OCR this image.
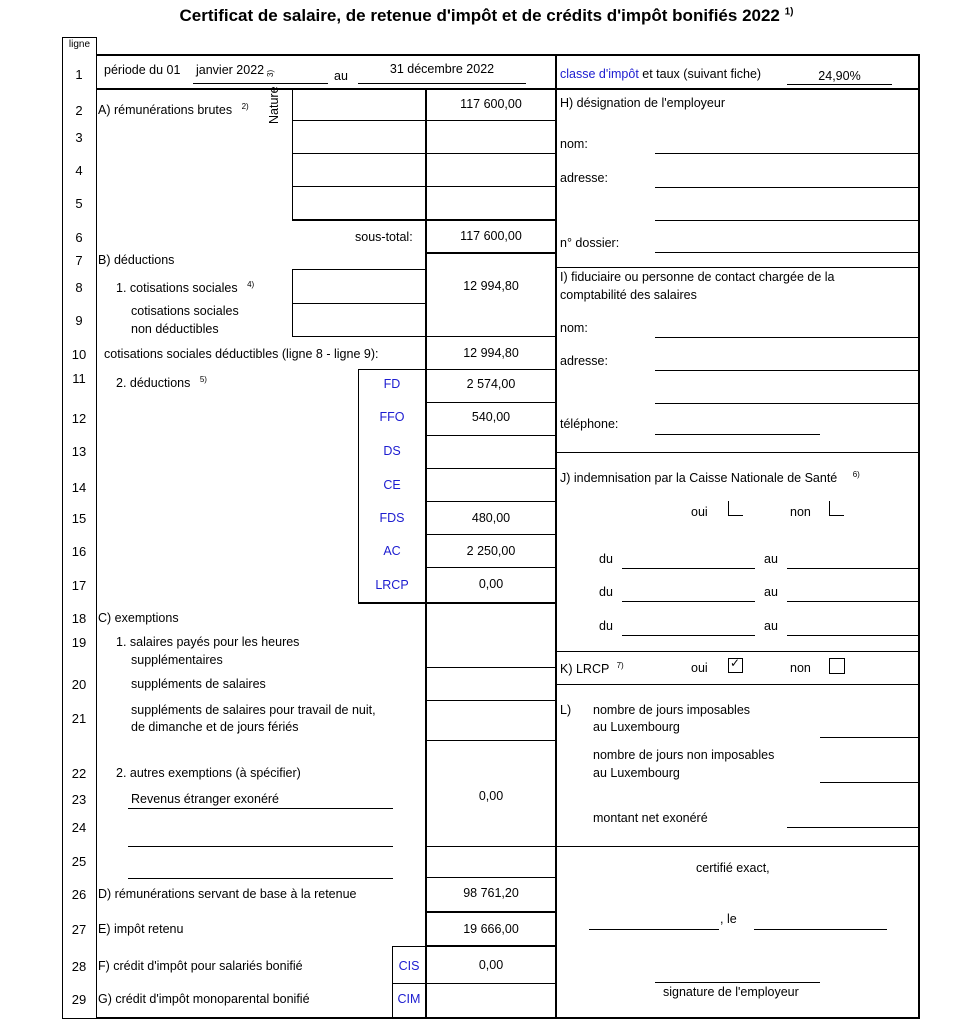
Certificat de salaire, de retenue d'impôt et de crédits d'impôt bonifiés 2022 $^{1)}$
ligne
1
2
3
4
5
6
7
8
9
10
11
12
13
14
15
16
17
18
19
20
21
22
23
24
25
26
27
28
29
période du 01 janvier 2022	au	31 décembre 2022	classe d'impôt et taux (suivant fiche)	24,90%
A) rémunérations brutes $^{2)}$ Nature $^{3)}$
117 600,00
sous-total:	117 600,00
B) déductions
1. cotisations sociales $^{4)}$	12 994,80
cotisations sociales
non déductibles
cotisations sociales déductibles (ligne 8 - ligne 9):	12 994,80
2. déductions $^{5)}$	FD	2 574,00
FFO	540,00
DS
CE
FDS	480,00
AC	2 250,00
LRCP	0,00
C) exemptions
1. salaires payés pour les heures
supplémentaires
suppléments de salaires
suppléments de salaires pour travail de nuit,
de dimanche et de jours fériés
2. autres exemptions (à spécifier)
Revenus étranger exonéré	0,00
D) rémunérations servant de base à la retenue	98 761,20
E) impôt retenu	19 666,00
F) crédit d'impôt pour salariés bonifié	CIS	0,00
G) crédit d'impôt monoparental bonifié	CIM
H) désignation de l'employeur
nom:
adresse:
n° dossier:
I) fiduciaire ou personne de contact chargée de la
comptabilité des salaires
nom:
adresse:
téléphone:
J) indemnisation par la Caisse Nationale de Santé $^{6)}$
oui	non
du	au
du	au
du	au
K) LRCP $^{7)}$	oui
✓	non
L) nombre de jours imposables
au Luxembourg
nombre de jours non imposables
au Luxembourg
montant net exonéré
certifié exact,
, le
signature de l'employeur
